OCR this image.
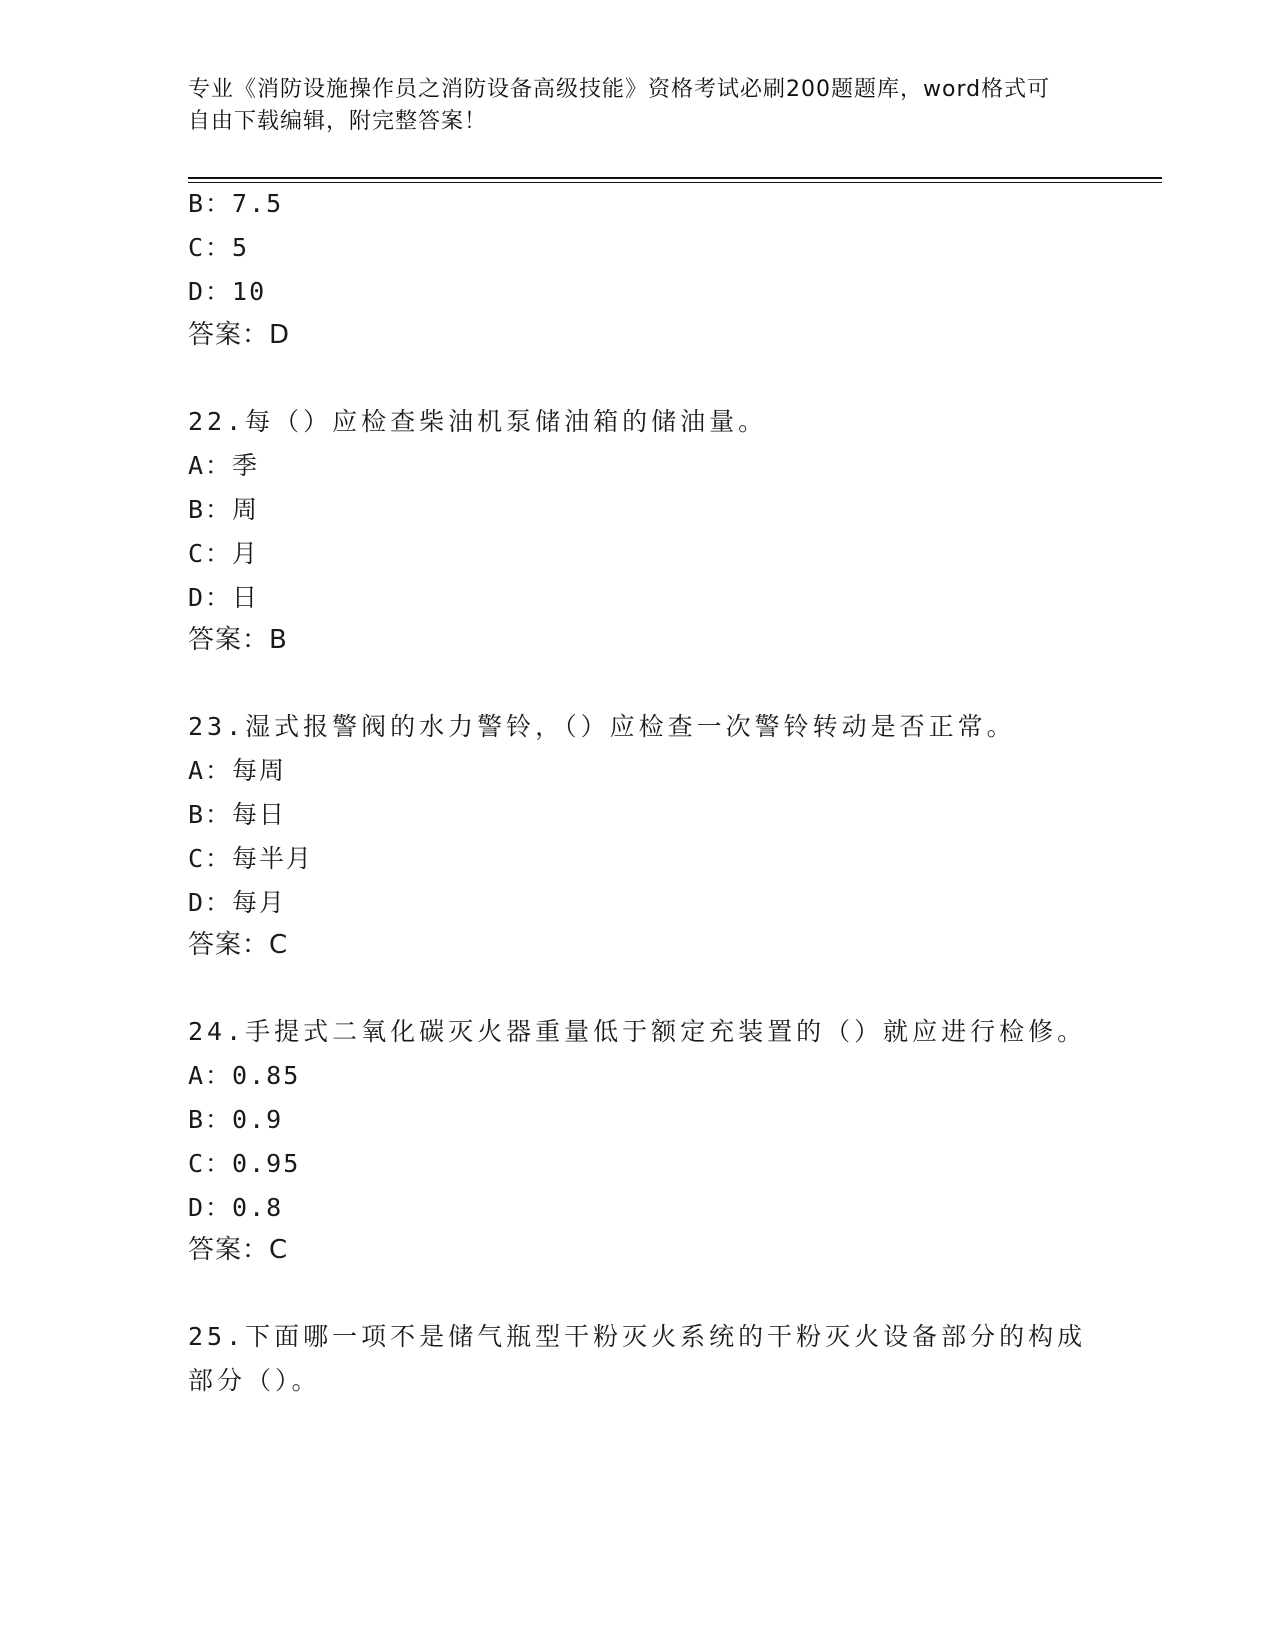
专业《消防设施操作员之消防设备高级技能》资格考试必刷200题题库，word格式可自由下载编辑，附完整答案！
B：7.5
C：5
D：10
答案：D
22.每（）应检查柴油机泵储油箱的储油量。
A：季
B：周
C：月
D：日
答案：B
23.湿式报警阀的水力警铃，（）应检查一次警铃转动是否正常。
A：每周
B：每日
C：每半月
D：每月
答案：C
24.手提式二氧化碳灭火器重量低于额定充装置的（）就应进行检修。
A：0.85
B：0.9
C：0.95
D：0.8
答案：C
25.下面哪一项不是储气瓶型干粉灭火系统的干粉灭火设备部分的构成
部分（）。
